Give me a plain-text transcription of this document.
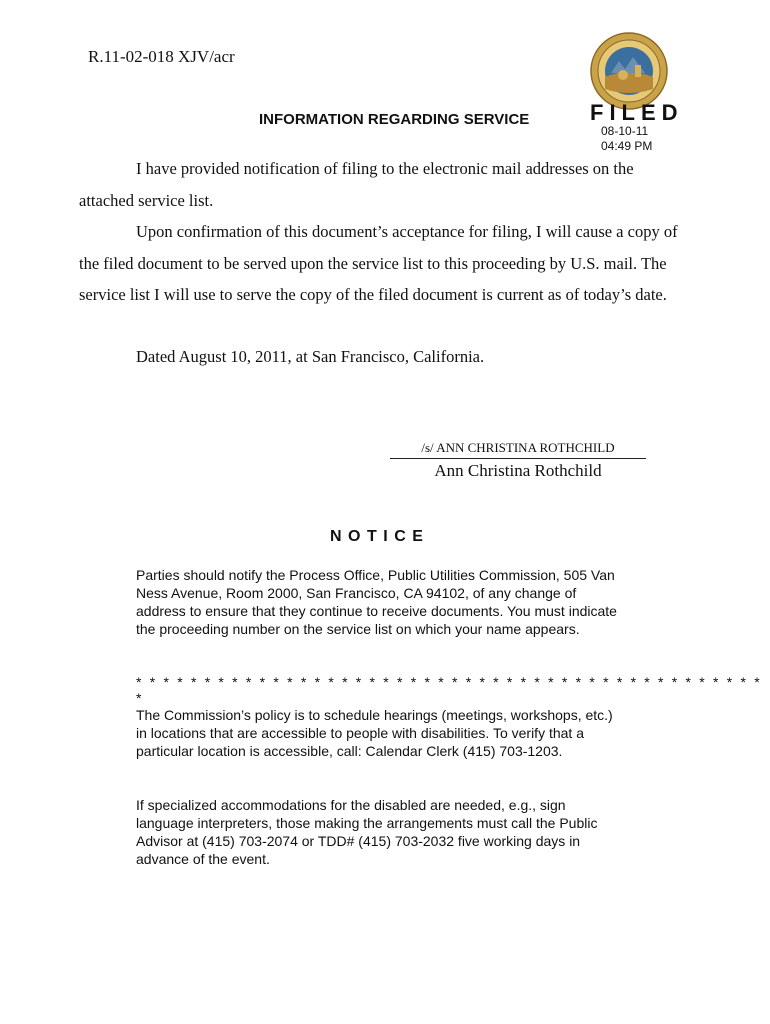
R.11-02-018 XJV/acr
INFORMATION REGARDING SERVICE	FILED
08-10-11
04:49 PM
I have provided notification of filing to the electronic mail addresses on the attached service list.
Upon confirmation of this document’s acceptance for filing, I will cause a copy of the filed document to be served upon the service list to this proceeding by U.S. mail. The service list I will use to serve the copy of the filed document is current as of today’s date.
Dated August 10, 2011, at San Francisco, California.
/s/ ANN CHRISTINA ROTHCHILD
Ann Christina Rothchild
NOTICE
Parties should notify the Process Office, Public Utilities Commission, 505 Van Ness Avenue, Room 2000, San Francisco, CA 94102, of any change of address to ensure that they continue to receive documents. You must indicate the proceeding number on the service list on which your name appears.
* * * * * * * * * * * * * * * * * * * * * * * * * * * * * * * * * * * * * * * * * * * * * * *
The Commission’s policy is to schedule hearings (meetings, workshops, etc.) in locations that are accessible to people with disabilities. To verify that a particular location is accessible, call: Calendar Clerk (415) 703-1203.
If specialized accommodations for the disabled are needed, e.g., sign language interpreters, those making the arrangements must call the Public Advisor at (415) 703-2074 or TDD# (415) 703-2032 five working days in advance of the event.
